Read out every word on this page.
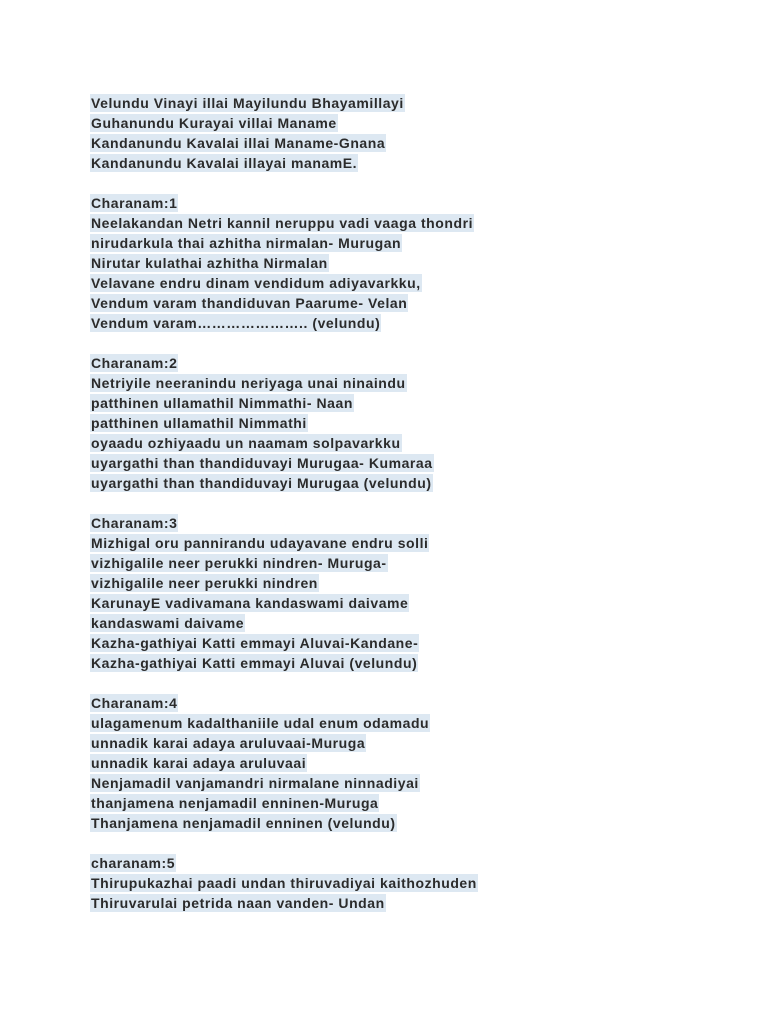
Velundu Vinayi illai Mayilundu Bhayamillayi
Guhanundu Kurayai villai Maname
Kandanundu Kavalai illai Maname-Gnana
Kandanundu Kavalai illayai manamE.
Charanam:1
Neelakandan Netri kannil neruppu vadi vaaga thondri
nirudarkula thai azhitha nirmalan- Murugan
Nirutar kulathai azhitha Nirmalan
Velavane endru dinam vendidum adiyavarkku,
Vendum varam thandiduvan Paarume- Velan
Vendum varam………………….. (velundu)
Charanam:2
Netriyile neeranindu neriyaga unai ninaindu
patthinen ullamathil Nimmathi- Naan
patthinen ullamathil Nimmathi
oyaadu ozhiyaadu un naamam solpavarkku
uyargathi than thandiduvayi Murugaa- Kumaraa
uyargathi than thandiduvayi Murugaa (velundu)
Charanam:3
Mizhigal oru pannirandu udayavane endru solli
vizhigalile neer perukki nindren- Muruga-
vizhigalile neer perukki nindren
KarunayE vadivamana kandaswami daivame
kandaswami daivame
Kazha-gathiyai Katti emmayi Aluvai-Kandane-
Kazha-gathiyai Katti emmayi Aluvai (velundu)
Charanam:4
ulagamenum kadalthaniile udal enum odamadu
unnadik karai adaya aruluvaai-Muruga
unnadik karai adaya aruluvaai
Nenjamadil vanjamandri nirmalane ninnadiyai
thanjamena nenjamadil enninen-Muruga
Thanjamena nenjamadil enninen (velundu)
charanam:5
Thirupukazhai paadi undan thiruvadiyai kaithozhuden
Thiruvarulai petrida naan vanden- Undan
